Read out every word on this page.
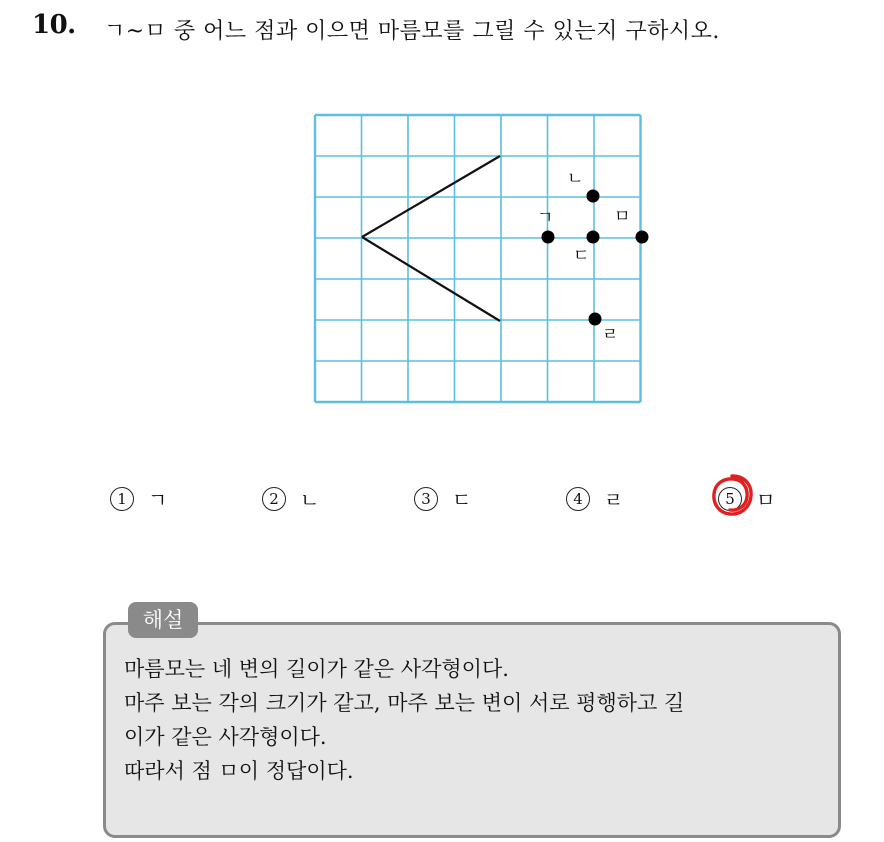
10. ㄱ~ㅁ 중 어느 점과 이으면 마름모를 그릴 수 있는지 구하시오.
ㄱ
ㄴ
ㄷ
ㄹ
ㅁ
1	ㄱ	2	ㄴ	3	ㄷ	4	ㄹ	5	ㅁ
해설
마름모는 네 변의 길이가 같은 사각형이다.
마주 보는 각의 크기가 같고, 마주 보는 변이 서로 평행하고 길
이가 같은 사각형이다.
따라서 점 ㅁ이 정답이다.
